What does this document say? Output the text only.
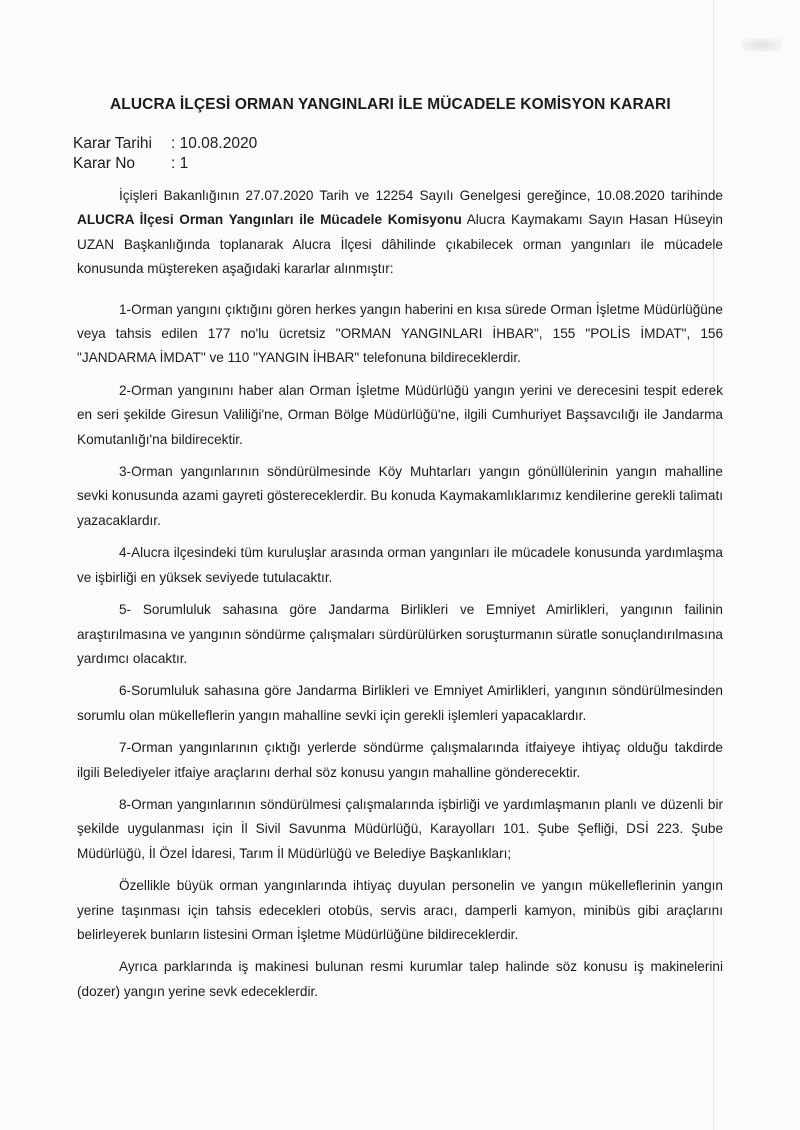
ALUCRA İLÇESİ ORMAN YANGINLARI İLE MÜCADELE KOMİSYON KARARI
Karar Tarihi : 10.08.2020
Karar No : 1

İçişleri Bakanlığının 27.07.2020 Tarih ve 12254 Sayılı Genelgesi gereğince, 10.08.2020 tarihinde ALUCRA İlçesi Orman Yangınları ile Mücadele Komisyonu Alucra Kaymakamı Sayın Hasan Hüseyin UZAN Başkanlığında toplanarak Alucra İlçesi dâhilinde çıkabilecek orman yangınları ile mücadele konusunda müştereken aşağıdaki kararlar alınmıştır:

1-Orman yangını çıktığını gören herkes yangın haberini en kısa sürede Orman İşletme Müdürlüğüne veya tahsis edilen 177 no'lu ücretsiz "ORMAN YANGINLARI İHBAR", 155 "POLİS İMDAT", 156 "JANDARMA İMDAT" ve 110 "YANGIN İHBAR" telefonuna bildireceklerdir.

2-Orman yangınını haber alan Orman İşletme Müdürlüğü yangın yerini ve derecesini tespit ederek en seri şekilde Giresun Valiliği'ne, Orman Bölge Müdürlüğü'ne, ilgili Cumhuriyet Başsavcılığı ile Jandarma Komutanlığı'na bildirecektir.

3-Orman yangınlarının söndürülmesinde Köy Muhtarları yangın gönüllülerinin yangın mahalline sevki konusunda azami gayreti göstereceklerdir. Bu konuda Kaymakamlıklarımız kendilerine gerekli talimatı yazacaklardır.

4-Alucra ilçesindeki tüm kuruluşlar arasında orman yangınları ile mücadele konusunda yardımlaşma ve işbirliği en yüksek seviyede tutulacaktır.

5- Sorumluluk sahasına göre Jandarma Birlikleri ve Emniyet Amirlikleri, yangının failinin araştırılmasına ve yangının söndürme çalışmaları sürdürülürken soruşturmanın süratle sonuçlandırılmasına yardımcı olacaktır.

6-Sorumluluk sahasına göre Jandarma Birlikleri ve Emniyet Amirlikleri, yangının söndürülmesinden sorumlu olan mükelleflerin yangın mahalline sevki için gerekli işlemleri yapacaklardır.

7-Orman yangınlarının çıktığı yerlerde söndürme çalışmalarında itfaiyeye ihtiyaç olduğu takdirde ilgili Belediyeler itfaiye araçlarını derhal söz konusu yangın mahalline gönderecektir.

8-Orman yangınlarının söndürülmesi çalışmalarında işbirliği ve yardımlaşmanın planlı ve düzenli bir şekilde uygulanması için İl Sivil Savunma Müdürlüğü, Karayolları 101. Şube Şefliği, DSİ 223. Şube Müdürlüğü, İl Özel İdaresi, Tarım İl Müdürlüğü ve Belediye Başkanlıkları;

Özellikle büyük orman yangınlarında ihtiyaç duyulan personelin ve yangın mükelleflerinin yangın yerine taşınması için tahsis edecekleri otobüs, servis aracı, damperli kamyon, minibüs gibi araçlarını belirleyerek bunların listesini Orman İşletme Müdürlüğüne bildireceklerdir.

Ayrıca parklarında iş makinesi bulunan resmi kurumlar talep halinde söz konusu iş makinelerini (dozer) yangın yerine sevk edeceklerdir.
